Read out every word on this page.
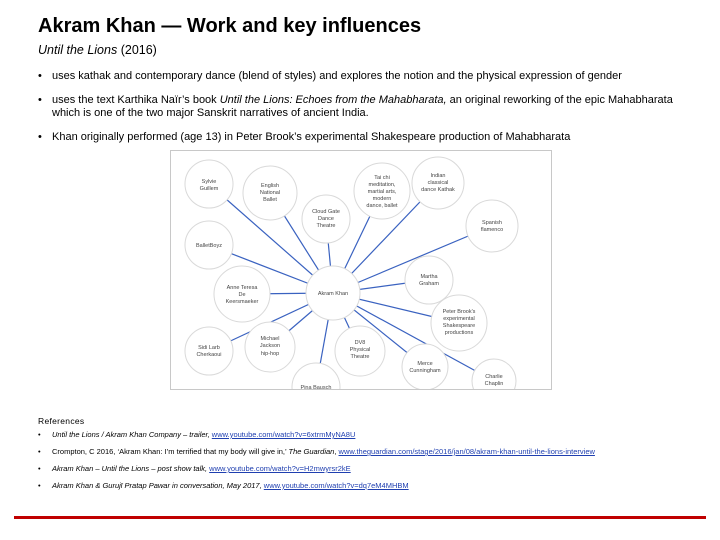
Akram Khan — Work and key influences
Until the Lions (2016)
• uses kathak and contemporary dance (blend of styles) and explores the notion and the physical expression of gender
• uses the text Karthika Naïr’s book Until the Lions: Echoes from the Mahabharata, an original reworking of the epic Mahabharata which is one of the two major Sanskrit narratives of ancient India.
• Khan originally performed (age 13) in Peter Brook’s experimental Shakespeare production of Mahabharata
Akram Khan
Sylvie
Guillem	English
National
Ballet
Tai chi
meditation,
martial arts,
modern
dance, ballet
Indian
classical
dance Kathak
Spanish
flamenco
Cloud Gate
Dance
Theatre
BalletBoyz
Martha
Graham
Anne Teresa
De
Keersmaeker
Peter Brook's
experimental
Shakespeare
productions
Sidi Larb
Cherkaoui
Michael
Jackson
hip-hop
DV8
Physical
Theatre
Merce
Cunningham
Charlie
Chaplin
Pina Bausch
References
• Until the Lions / Akram Khan Company – trailer, www.youtube.com/watch?v=6xtrmMyNA8U
• Crompton, C 2016, ‘Akram Khan: I’m terrified that my body will give in,’ The Guardian, www.theguardian.com/stage/2016/jan/08/akram-khan-until-the-lions-interview
• Akram Khan – Until the Lions – post show talk, www.youtube.com/watch?v=H2mwyrsr2kE
• Akram Khan & Gurujī Pratap Pawar in conversation, May 2017, www.youtube.com/watch?v=dq7eM4MHBM
